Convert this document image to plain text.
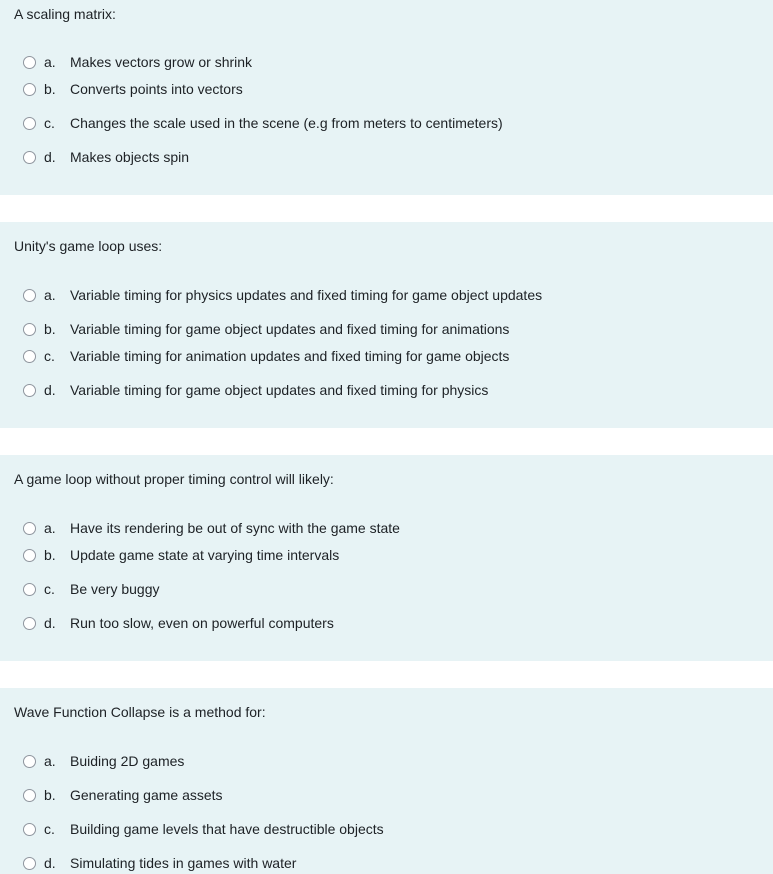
A scaling matrix:
a. Makes vectors grow or shrink
b. Converts points into vectors
c. Changes the scale used in the scene (e.g from meters to centimeters)
d. Makes objects spin
Unity's game loop uses:
a. Variable timing for physics updates and fixed timing for game object updates
b. Variable timing for game object updates and fixed timing for animations
c. Variable timing for animation updates and fixed timing for game objects
d. Variable timing for game object updates and fixed timing for physics
A game loop without proper timing control will likely:
a. Have its rendering be out of sync with the game state
b. Update game state at varying time intervals
c. Be very buggy
d. Run too slow, even on powerful computers
Wave Function Collapse is a method for:
a. Buiding 2D games
b. Generating game assets
c. Building game levels that have destructible objects
d. Simulating tides in games with water
